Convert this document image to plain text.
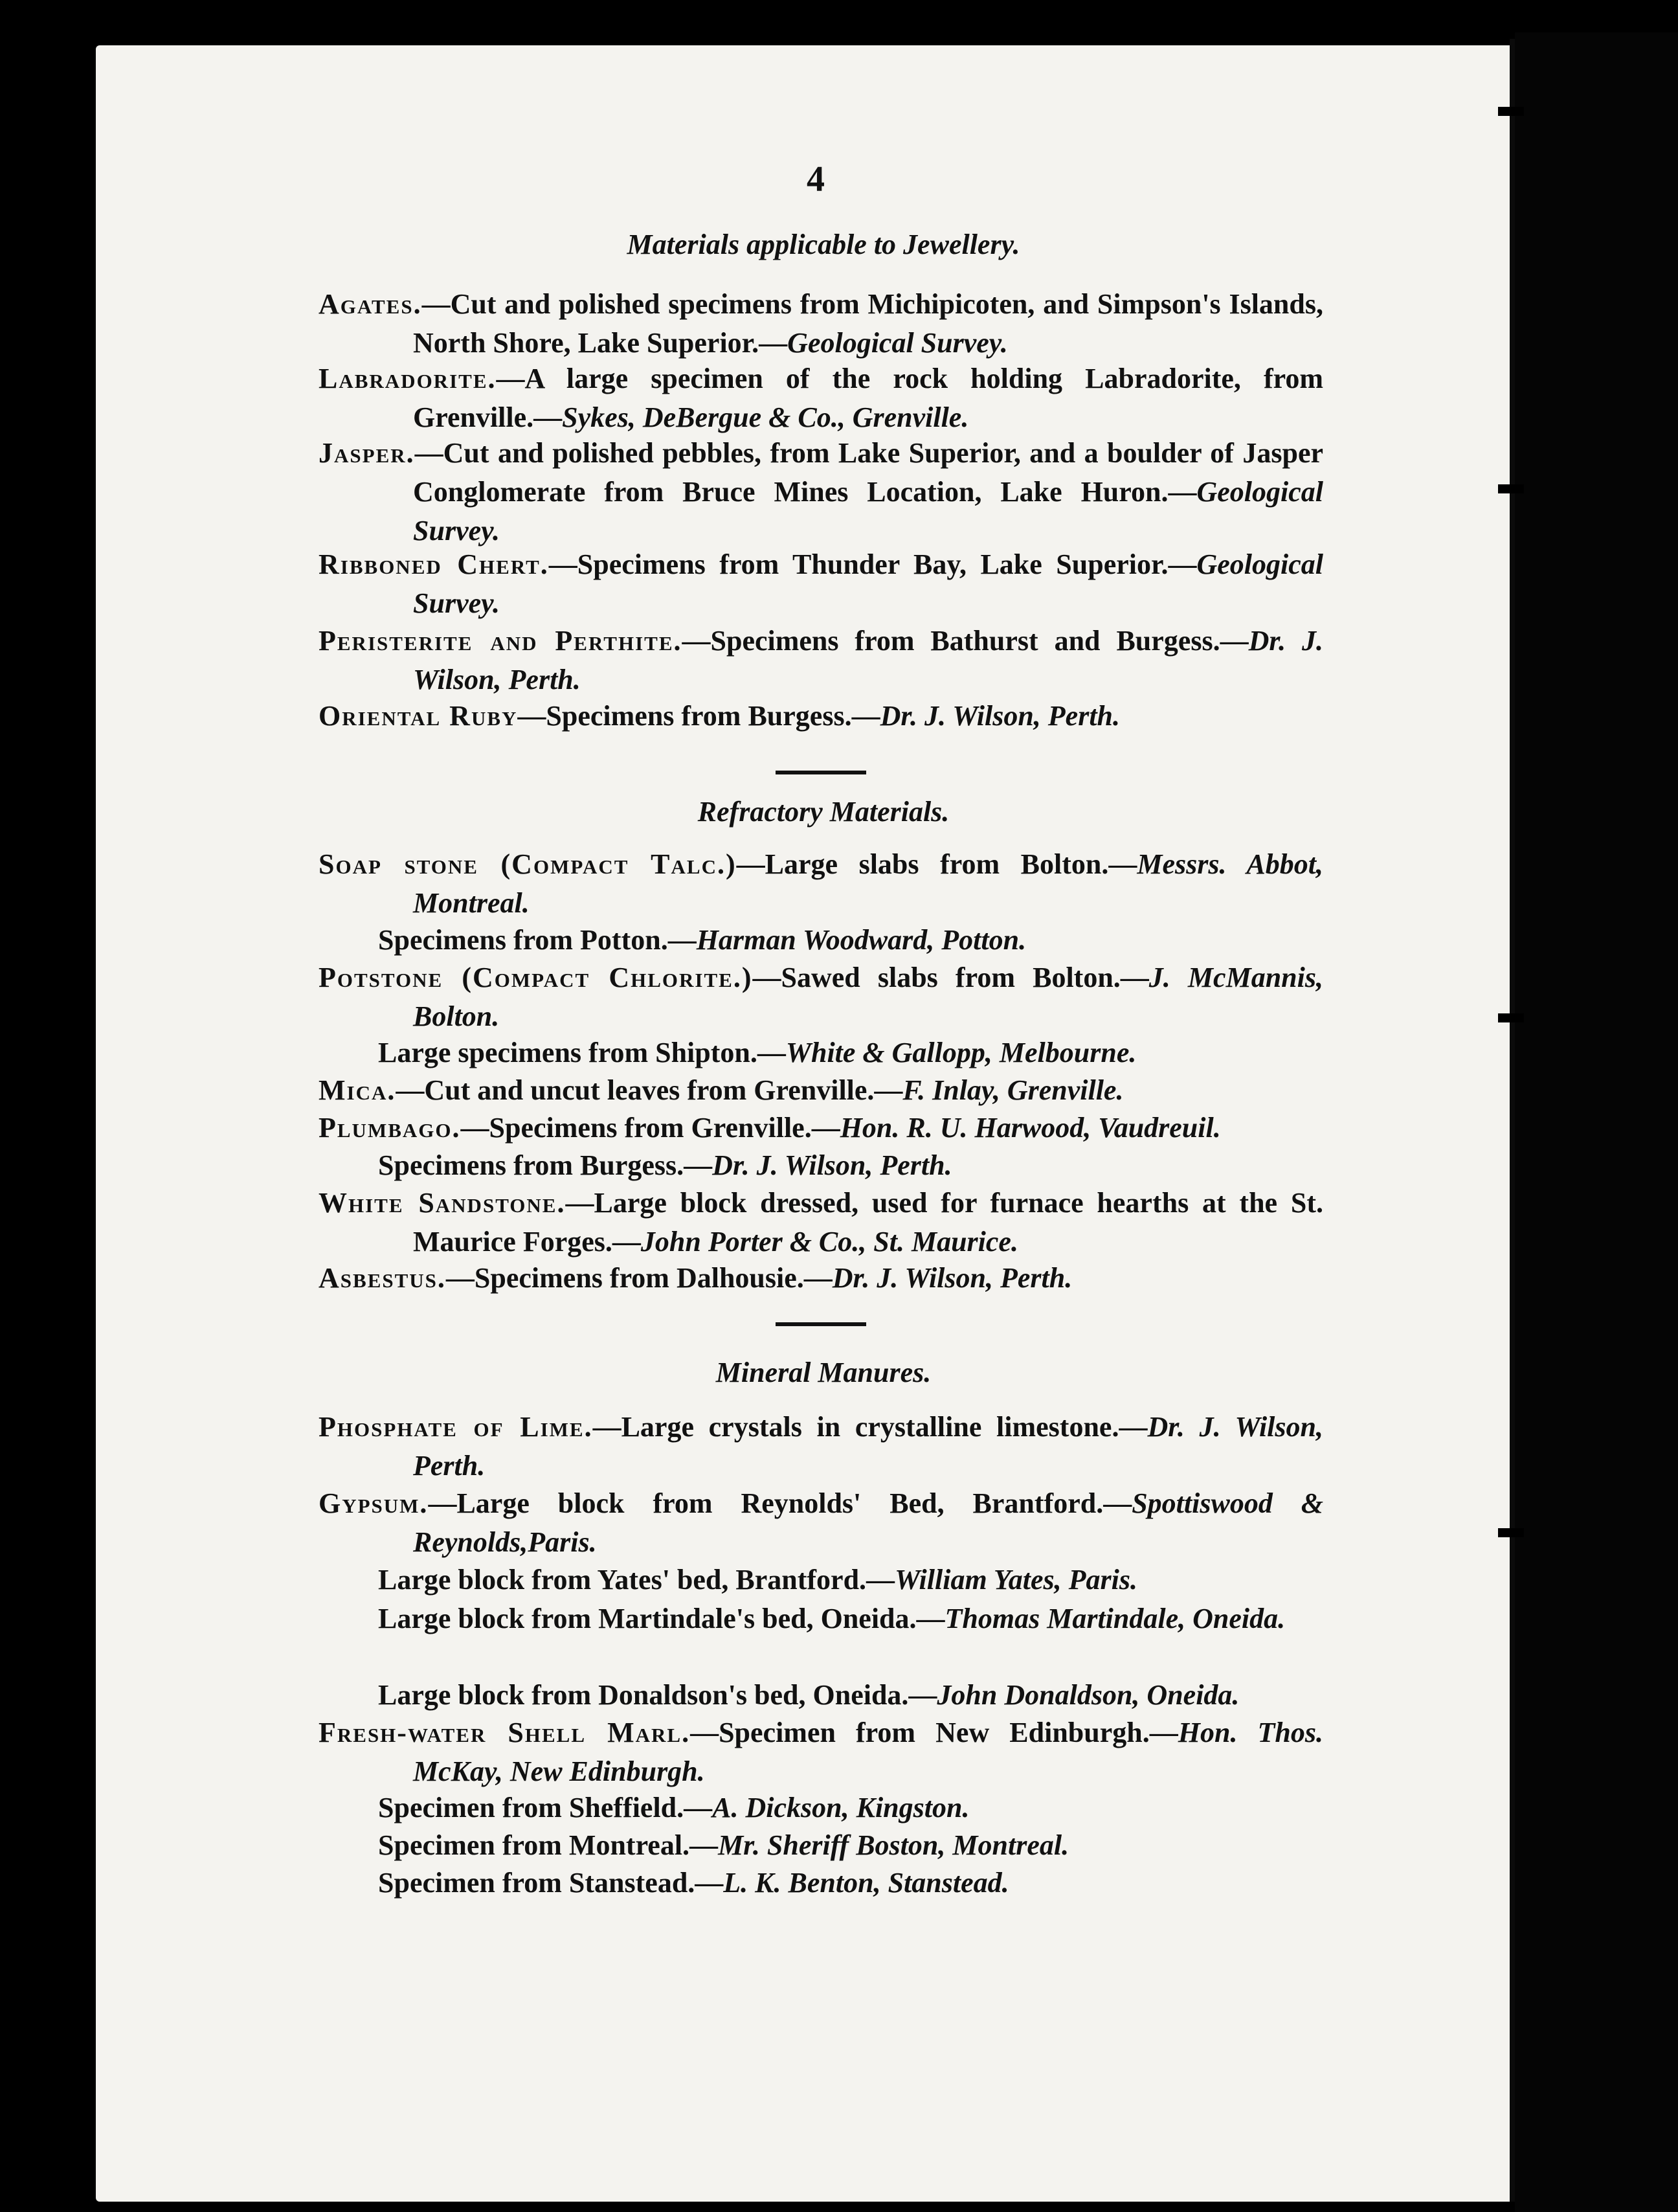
4
Materials applicable to Jewellery.
Agates.—Cut and polished specimens from Michipicoten, and Simpson's Islands, North Shore, Lake Superior.—Geological Survey.
Labradorite.—A large specimen of the rock holding Labradorite, from Grenville.—Sykes, DeBergue & Co., Grenville.
Jasper.—Cut and polished pebbles, from Lake Superior, and a boulder of Jasper Conglomerate from Bruce Mines Location, Lake Huron.—Geological Survey.
Ribboned Chert.—Specimens from Thunder Bay, Lake Superior.—Geological Survey.
Peristerite and Perthite.—Specimens from Bathurst and Burgess.—Dr. J. Wilson, Perth.
Oriental Ruby—Specimens from Burgess.—Dr. J. Wilson, Perth.
Refractory Materials.
Soap stone (Compact Talc.)—Large slabs from Bolton.—Messrs. Abbot, Montreal.
Specimens from Potton.—Harman Woodward, Potton.
Potstone (Compact Chlorite.)—Sawed slabs from Bolton.—J. McMannis, Bolton.
Large specimens from Shipton.—White & Gallopp, Melbourne.
Mica.—Cut and uncut leaves from Grenville.—F. Inlay, Grenville.
Plumbago.—Specimens from Grenville.—Hon. R. U. Harwood, Vaudreuil.
Specimens from Burgess.—Dr. J. Wilson, Perth.
White Sandstone.—Large block dressed, used for furnace hearths at the St. Maurice Forges.—John Porter & Co., St. Maurice.
Asbestus.—Specimens from Dalhousie.—Dr. J. Wilson, Perth.
Mineral Manures.
Phosphate of Lime.—Large crystals in crystalline limestone.—Dr. J. Wilson, Perth.
Gypsum.—Large block from Reynolds' Bed, Brantford.—Spottiswood & Reynolds,Paris.
Large block from Yates' bed, Brantford.—William Yates, Paris.
Large block from Martindale's bed, Oneida.—Thomas Martindale, Oneida.
Large block from Donaldson's bed, Oneida.—John Donaldson, Oneida.
Fresh-water Shell Marl.—Specimen from New Edinburgh.—Hon. Thos. McKay, New Edinburgh.
Specimen from Sheffield.—A. Dickson, Kingston.
Specimen from Montreal.—Mr. Sheriff Boston, Montreal.
Specimen from Stanstead.—L. K. Benton, Stanstead.
